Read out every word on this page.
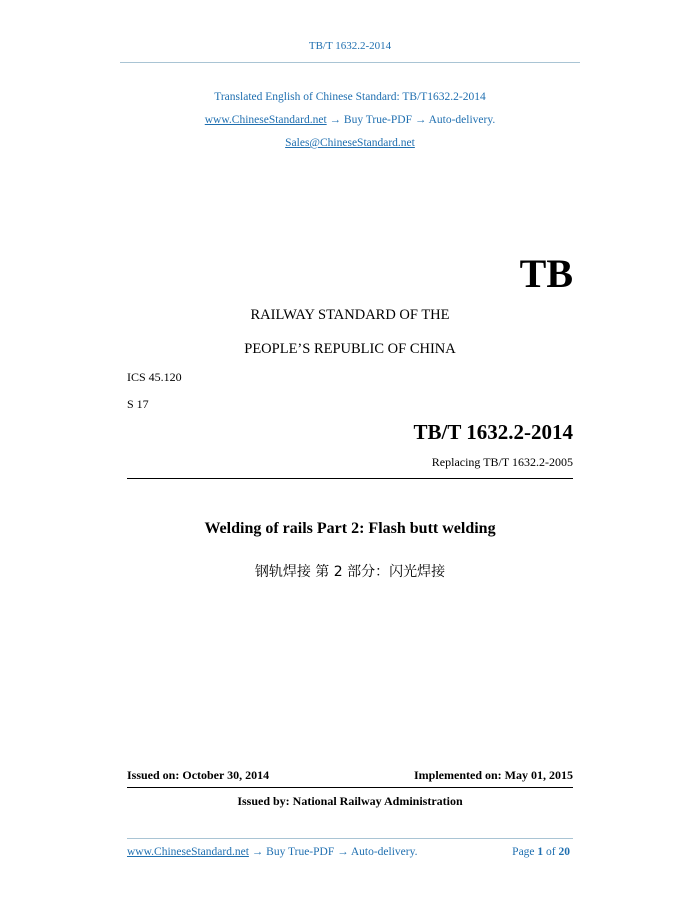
TB/T 1632.2-2014
Translated English of Chinese Standard: TB/T1632.2-2014
www.ChineseStandard.net → Buy True-PDF → Auto-delivery.
Sales@ChineseStandard.net
TB
RAILWAY STANDARD OF THE
PEOPLE’S REPUBLIC OF CHINA
ICS 45.120
S 17
TB/T 1632.2-2014
Replacing TB/T 1632.2-2005
Welding of rails Part 2: Flash butt welding
钢轨焊接 第 2 部分：闪光焊接
Issued on: October 30, 2014	Implemented on: May 01, 2015
Issued by: National Railway Administration
www.ChineseStandard.net → Buy True-PDF → Auto-delivery.	Page 1 of 20
